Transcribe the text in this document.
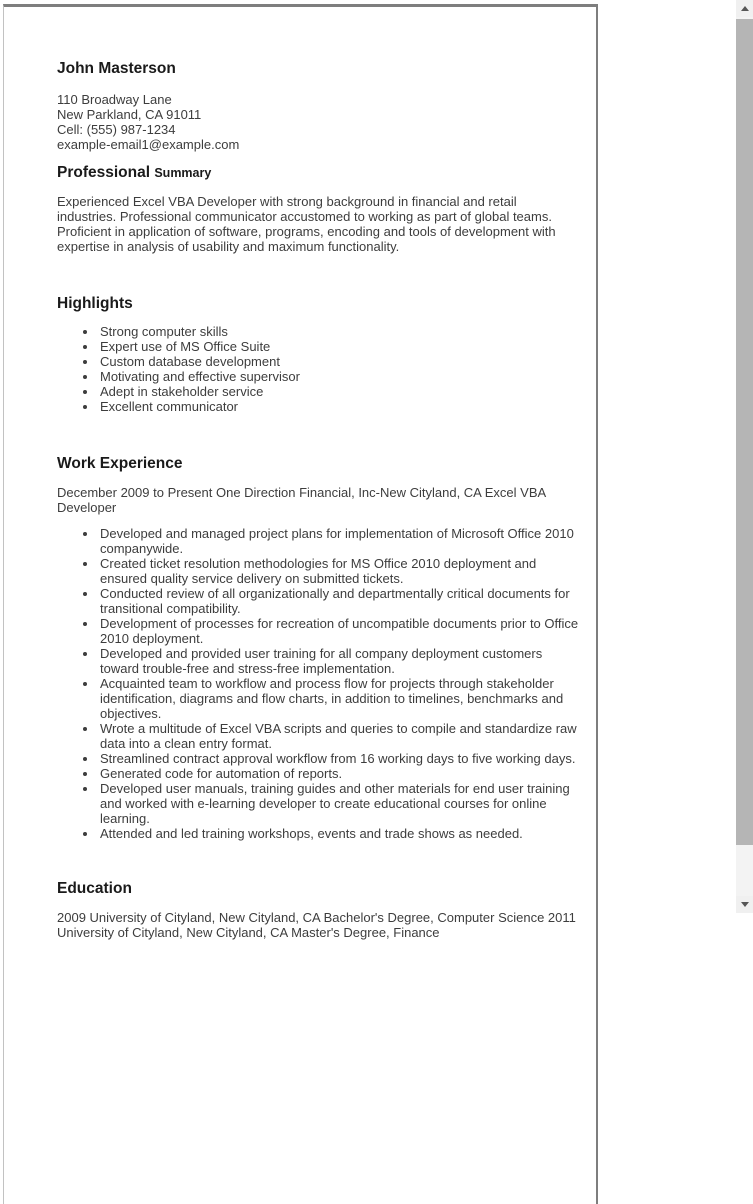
John Masterson
110 Broadway Lane
New Parkland, CA 91011
Cell: (555) 987-1234
example-email1@example.com
Professional Summary

Experienced Excel VBA Developer with strong background in financial and retail industries. Professional communicator accustomed to working as part of global teams. Proficient in application of software, programs, encoding and tools of development with expertise in analysis of usability and maximum functionality.

Highlights
• Strong computer skills
• Expert use of MS Office Suite
• Custom database development
• Motivating and effective supervisor
• Adept in stakeholder service
• Excellent communicator
Work Experience

December 2009 to Present One Direction Financial, Inc-New Cityland, CA Excel VBA Developer

• Developed and managed project plans for implementation of Microsoft Office 2010 companywide.
• Created ticket resolution methodologies for MS Office 2010 deployment and ensured quality service delivery on submitted tickets.
• Conducted review of all organizationally and departmentally critical documents for transitional compatibility.
• Development of processes for recreation of uncompatible documents prior to Office 2010 deployment.
• Developed and provided user training for all company deployment customers toward trouble-free and stress-free implementation.
• Acquainted team to workflow and process flow for projects through stakeholder identification, diagrams and flow charts, in addition to timelines, benchmarks and objectives.
• Wrote a multitude of Excel VBA scripts and queries to compile and standardize raw data into a clean entry format.
• Streamlined contract approval workflow from 16 working days to five working days.
• Generated code for automation of reports.
• Developed user manuals, training guides and other materials for end user training and worked with e-learning developer to create educational courses for online learning.
• Attended and led training workshops, events and trade shows as needed.
Education

2009 University of Cityland, New Cityland, CA Bachelor's Degree, Computer Science 2011 University of Cityland, New Cityland, CA Master's Degree, Finance
